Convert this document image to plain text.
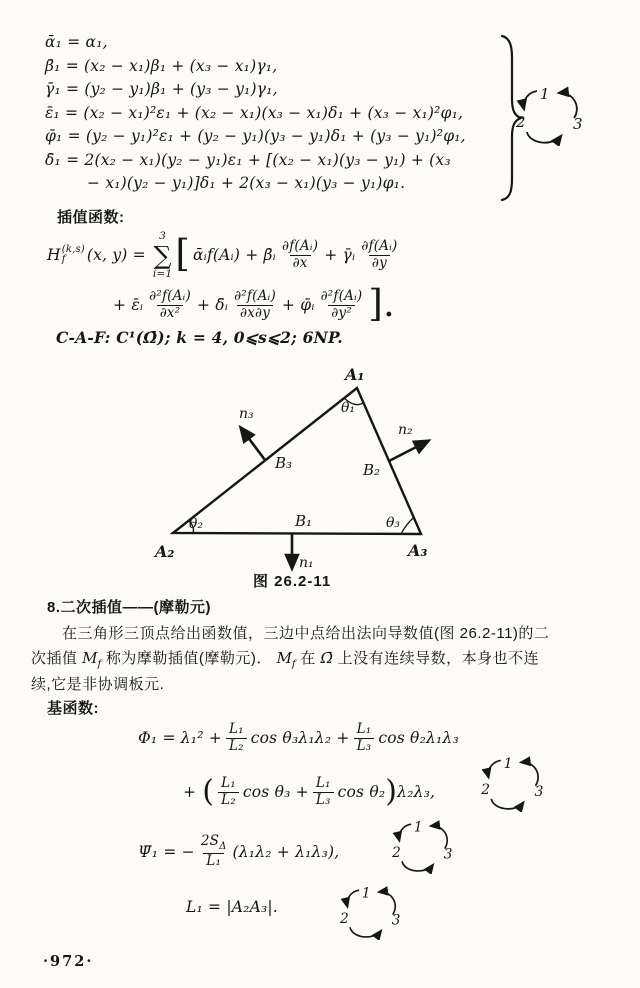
ᾱ₁ = α₁,
β̄₁ = (x₂ − x₁)β₁ + (x₃ − x₁)γ₁,
γ̄₁ = (y₂ − y₁)β₁ + (y₃ − y₁)γ₁,
ε̄₁ = (x₂ − x₁)²ε₁ + (x₂ − x₁)(x₃ − x₁)δ₁ + (x₃ − x₁)²φ₁,
φ̄₁ = (y₂ − y₁)²ε₁ + (y₂ − y₁)(y₃ − y₁)δ₁ + (y₃ − y₁)²φ₁,
δ̄₁ = 2(x₂ − x₁)(y₂ − y₁)ε₁ + [(x₂ − x₁)(y₃ − y₁) + (x₃
− x₁)(y₂ − y₁)]δ₁ + 2(x₃ − x₁)(y₃ − y₁)φ₁.
1
2	3
插值函数:
H (k,s)
f (x, y) =
3
∑
i=1 [ ᾱᵢf(Aᵢ) + β̄ᵢ $\frac{\text{∂f(Aᵢ)}}{\partial x}$ + γ̄ᵢ $\frac{\text{∂f(Aᵢ)}}{\partial y}$
+ ε̄ᵢ $\frac{\text{∂²f(Aᵢ)}}{\text{∂x²}}$ + δ̄ᵢ $\frac{\text{∂²f(Aᵢ)}}{\partial x\partial y}$ + φ̄ᵢ $\frac{\text{∂²f(Aᵢ)}}{\text{∂y²}}$ ].
C-A-F: C¹(Ω̄); k = 4, 0⩽s⩽2; 6NP.
A₁
A₂	A₃
θ₁
θ₂	θ₃
B₃	B₂
B₁
n₃
n₂
n₁
图 26.2-11
8.二次插值——(摩勒元)
在三角形三顶点给出函数值，三边中点给出法向导数值(图 26.2-11)的二
次插值 $M_f$ 称为摩勒插值(摩勒元)． $M_f$ 在 Ω̄ 上没有连续导数，本身也不连
续,它是非协调板元.
基函数:
$\Phi_1 = \lambda_1^2 + \frac{\text{L₁}}{\text{L₂}}$ $\cos \theta_3\lambda_1\lambda_2 + \frac{\text{L₁}}{\text{L₃}}$ cos θ₂λ₁λ₃
+ ( $\frac{\text{L₁}}{\text{L₂}}$ $\cos \theta_3 + \frac{\text{L₁}}{\text{L₃}}$ cos θ₂ ) λ₂λ₃,
1
2	3
Ψ̄₁ = − $\frac{2S_\Delta}{\text{L₁}} (\lambda_1\lambda_2 + \lambda_1\lambda_3)$,
1
2	3
L₁ = |A₂A₃|.
1
2	3
·972·
